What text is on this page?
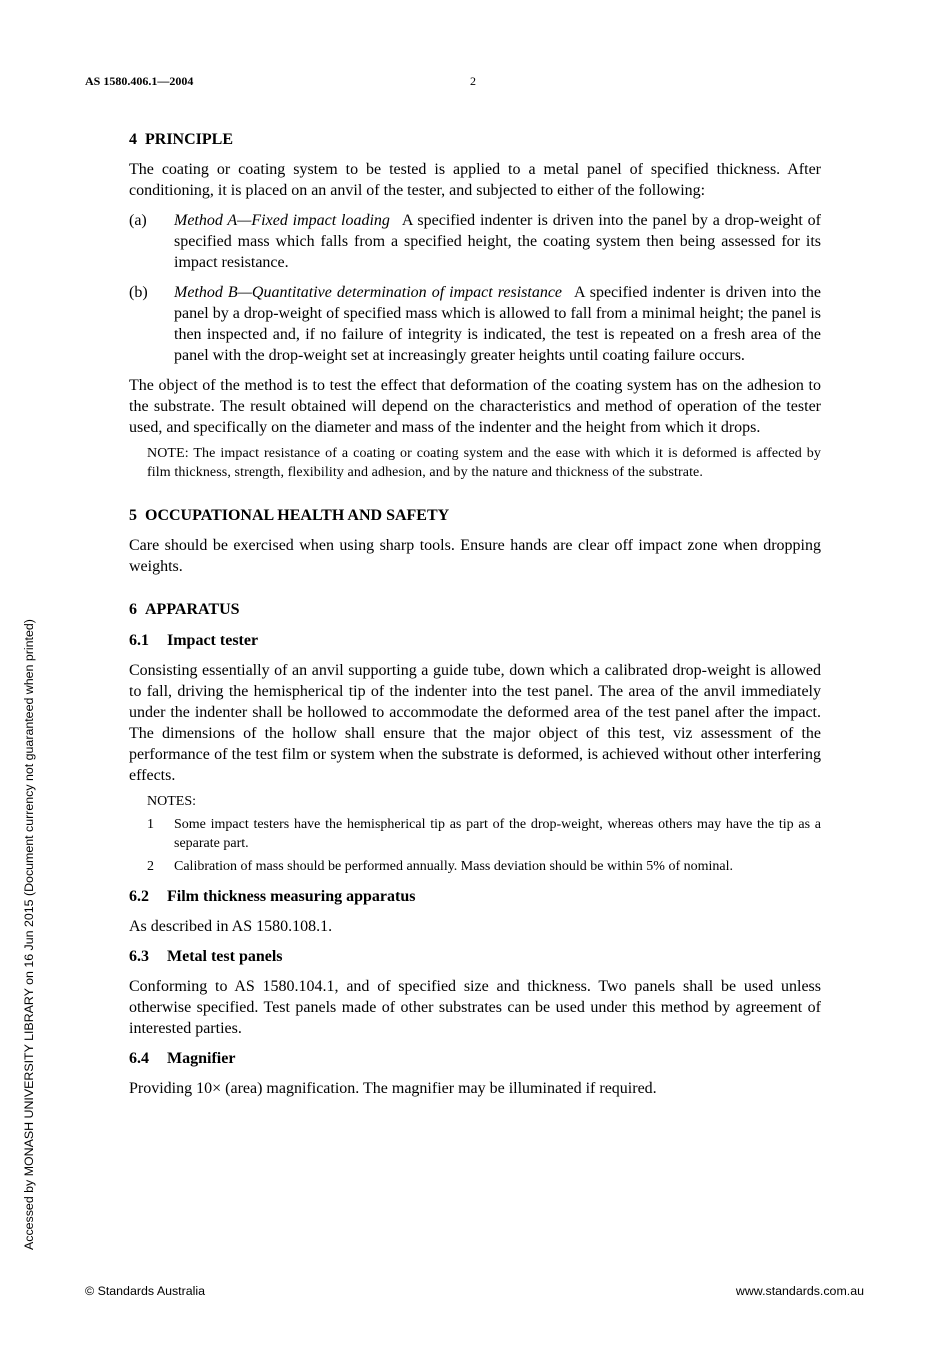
AS 1580.406.1—2004	2
Accessed by MONASH UNIVERSITY LIBRARY on 16 Jun 2015 (Document currency not guaranteed when printed)
4 PRINCIPLE

The coating or coating system to be tested is applied to a metal panel of specified thickness. After conditioning, it is placed on an anvil of the tester, and subjected to either of the following:

(a)	Method A—Fixed impact loading A specified indenter is driven into the panel by a drop-weight of specified mass which falls from a specified height, the coating system then being assessed for its impact resistance.
(b)	Method B—Quantitative determination of impact resistance A specified indenter is driven into the panel by a drop-weight of specified mass which is allowed to fall from a minimal height; the panel is then inspected and, if no failure of integrity is indicated, the test is repeated on a fresh area of the panel with the drop-weight set at increasingly greater heights until coating failure occurs.

The object of the method is to test the effect that deformation of the coating system has on the adhesion to the substrate. The result obtained will depend on the characteristics and method of operation of the tester used, and specifically on the diameter and mass of the indenter and the height from which it drops.

NOTE: The impact resistance of a coating or coating system and the ease with which it is deformed is affected by film thickness, strength, flexibility and adhesion, and by the nature and thickness of the substrate.
5 OCCUPATIONAL HEALTH AND SAFETY

Care should be exercised when using sharp tools. Ensure hands are clear off impact zone when dropping weights.

6 APPARATUS
6.1 Impact tester

Consisting essentially of an anvil supporting a guide tube, down which a calibrated drop-weight is allowed to fall, driving the hemispherical tip of the indenter into the test panel. The area of the anvil immediately under the indenter shall be hollowed to accommodate the deformed area of the test panel after the impact. The dimensions of the hollow shall ensure that the major object of this test, viz assessment of the performance of the test film or system when the substrate is deformed, is achieved without other interfering effects.

NOTES:
1	Some impact testers have the hemispherical tip as part of the drop-weight, whereas others may have the tip as a separate part.
2	Calibration of mass should be performed annually. Mass deviation should be within 5% of nominal.
6.2 Film thickness measuring apparatus

As described in AS 1580.108.1.

6.3 Metal test panels

Conforming to AS 1580.104.1, and of specified size and thickness. Two panels shall be used unless otherwise specified. Test panels made of other substrates can be used under this method by agreement of interested parties.

6.4 Magnifier

Providing 10× (area) magnification. The magnifier may be illuminated if required.

© Standards Australia	www.standards.com.au
